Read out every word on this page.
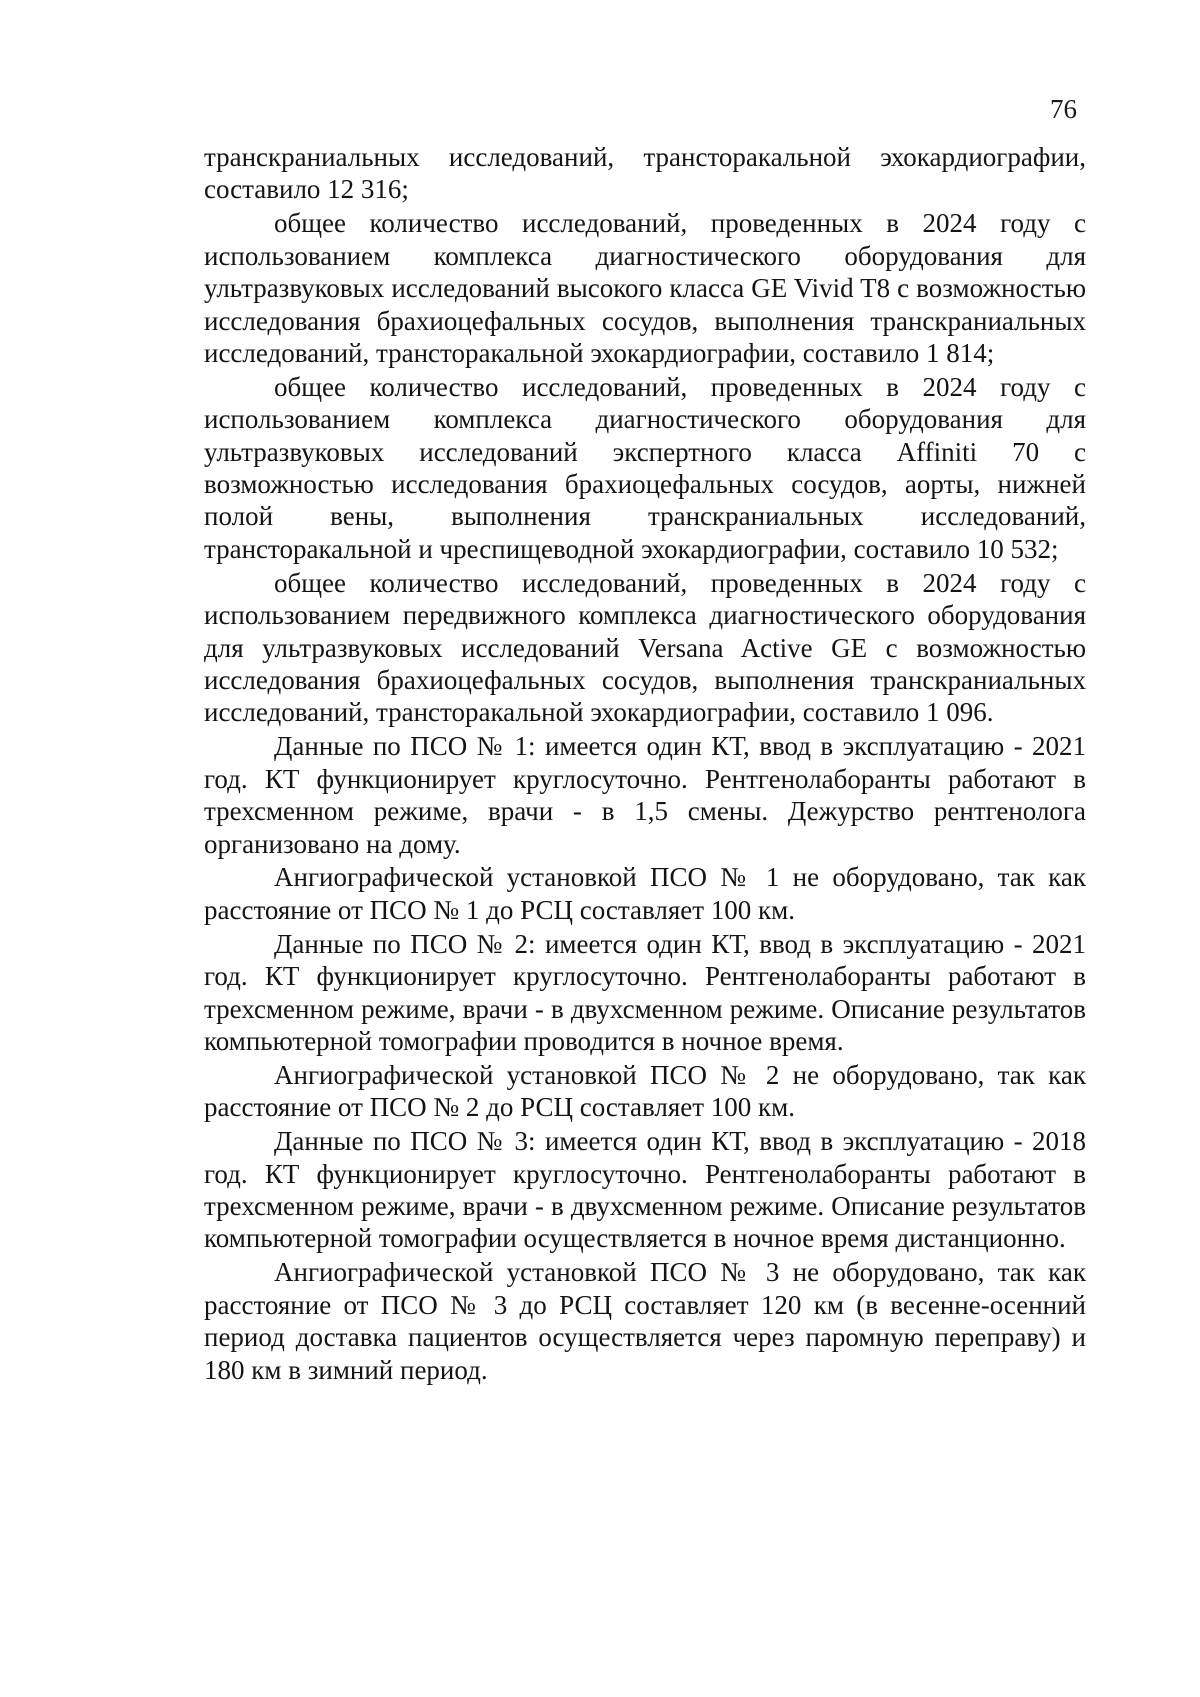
76

транскраниальных исследований, трансторакальной эхокардиографии, составило 12 316;

общее количество исследований, проведенных в 2024 году с использованием комплекса диагностического оборудования для ультразвуковых исследований высокого класса GE Vivid T8 с возможностью исследования брахиоцефальных сосудов, выполнения транскраниальных исследований, трансторакальной эхокардиографии, составило 1 814;

общее количество исследований, проведенных в 2024 году с использованием комплекса диагностического оборудования для ультразвуковых исследований экспертного класса Affiniti 70 с возможностью исследования брахиоцефальных сосудов, аорты, нижней полой вены, выполнения транскраниальных исследований, трансторакальной и чреспищеводной эхокардиографии, составило 10 532;

общее количество исследований, проведенных в 2024 году с использованием передвижного комплекса диагностического оборудования для ультразвуковых исследований Versana Active GE с возможностью исследования брахиоцефальных сосудов, выполнения транскраниальных исследований, трансторакальной эхокардиографии, составило 1 096.

Данные по ПСО № 1: имеется один КТ, ввод в эксплуатацию - 2021 год. КТ функционирует круглосуточно. Рентгенолаборанты работают в трехсменном режиме, врачи - в 1,5 смены. Дежурство рентгенолога организовано на дому.

Ангиографической установкой ПСО № 1 не оборудовано, так как расстояние от ПСО № 1 до РСЦ составляет 100 км.

Данные по ПСО № 2: имеется один КТ, ввод в эксплуатацию - 2021 год. КТ функционирует круглосуточно. Рентгенолаборанты работают в трехсменном режиме, врачи - в двухсменном режиме. Описание результатов компьютерной томографии проводится в ночное время.

Ангиографической установкой ПСО № 2 не оборудовано, так как расстояние от ПСО № 2 до РСЦ составляет 100 км.

Данные по ПСО № 3: имеется один КТ, ввод в эксплуатацию - 2018 год. КТ функционирует круглосуточно. Рентгенолаборанты работают в трехсменном режиме, врачи - в двухсменном режиме. Описание результатов компьютерной томографии осуществляется в ночное время дистанционно.

Ангиографической установкой ПСО № 3 не оборудовано, так как расстояние от ПСО № 3 до РСЦ составляет 120 км (в весенне-осенний период доставка пациентов осуществляется через паромную переправу) и 180 км в зимний период.
